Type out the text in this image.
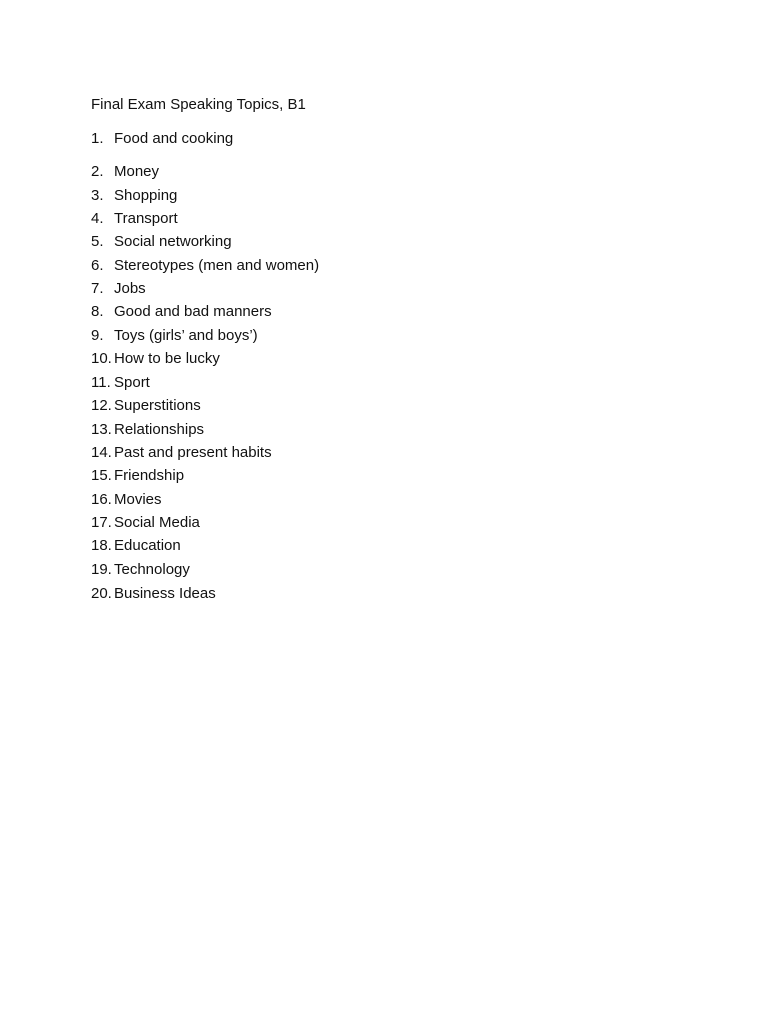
Final Exam Speaking Topics, B1
1. Food and cooking
2. Money
3. Shopping
4. Transport
5. Social networking
6. Stereotypes (men and women)
7. Jobs
8. Good and bad manners
9. Toys (girls’ and boys’)
10. How to be lucky
11. Sport
12. Superstitions
13. Relationships
14. Past and present habits
15. Friendship
16. Movies
17. Social Media
18. Education
19. Technology
20. Business Ideas
